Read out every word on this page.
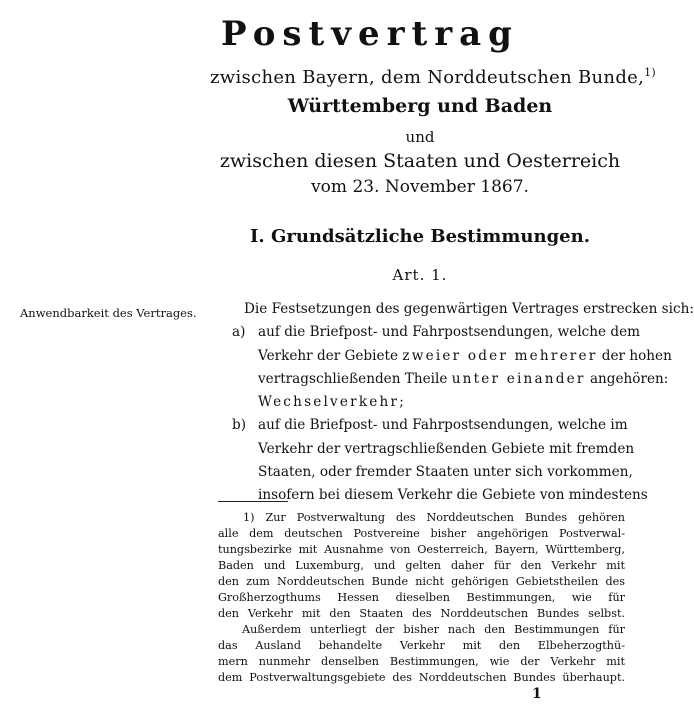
Postvertrag
zwischen Bayern, dem Norddeutschen Bunde,$^{1)}$
Württemberg und Baden
und
zwischen diesen Staaten und Oesterreich
vom 23. November 1867.
I. Grundsätzliche Bestimmungen.
Art. 1.
Anwendbarkeit des Vertrages.	Die Festsetzungen des gegenwärtigen Vertrages erstrecken sich:
a) auf die Briefpost- und Fahrpostsendungen, welche dem
Verkehr der Gebiete zweier oder mehrerer der hohen
vertragschließenden Theile unter einander angehören:
Wechselverkehr;
b) auf die Briefpost- und Fahrpostsendungen, welche im
Verkehr der vertragschließenden Gebiete mit fremden
Staaten, oder fremder Staaten unter sich vorkommen,
insofern bei diesem Verkehr die Gebiete von mindestens
1) Zur Postverwaltung des Norddeutschen Bundes gehören
alle dem deutschen Postvereine bisher angehörigen Postverwal-
tungsbezirke mit Ausnahme von Oesterreich, Bayern, Württemberg,
Baden und Luxemburg, und gelten daher für den Verkehr mit
den zum Norddeutschen Bunde nicht gehörigen Gebietstheilen des
Großherzogthums Hessen dieselben Bestimmungen, wie für
den Verkehr mit den Staaten des Norddeutschen Bundes selbst.
Außerdem unterliegt der bisher nach den Bestimmungen für
das Ausland behandelte Verkehr mit den Elbeherzogthü-
mern nunmehr denselben Bestimmungen, wie der Verkehr mit
dem Postverwaltungsgebiete des Norddeutschen Bundes überhaupt.
1
